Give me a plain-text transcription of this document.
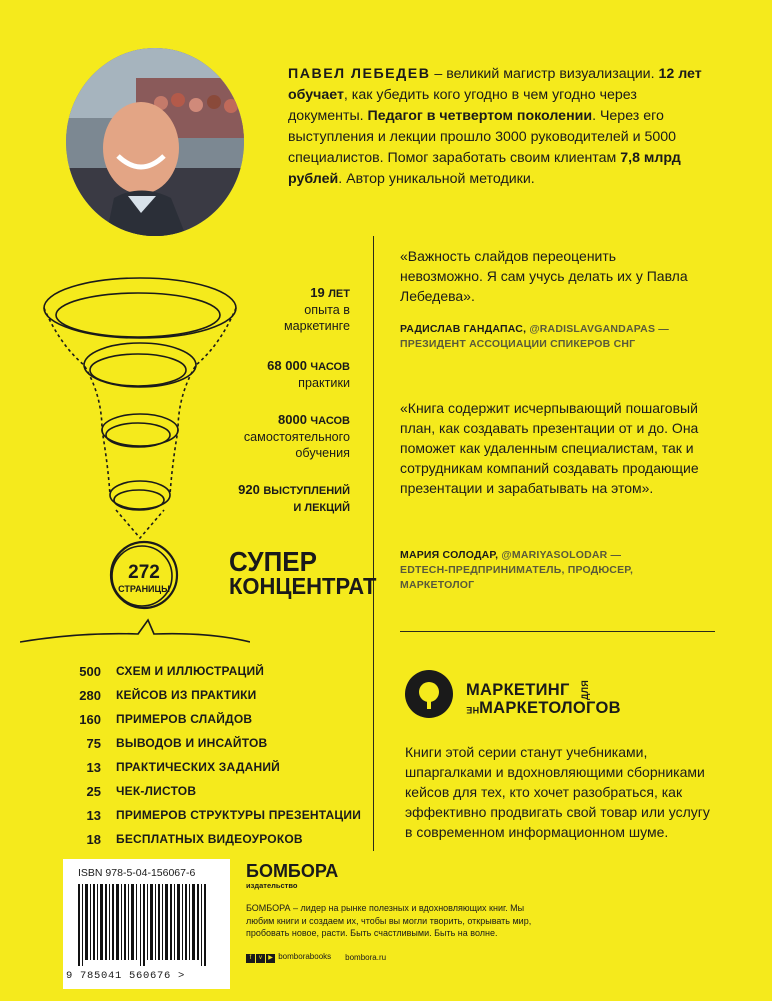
ПАВЕЛ ЛЕБЕДЕВ – великий магистр визуализации. 12 лет обучает, как убедить кого угодно в чем угодно через документы. Педагог в четвертом поколении. Через его выступления и лекции прошло 3000 руководителей и 5000 специалистов. Помог заработать своим клиентам 7,8 млрд рублей. Автор уникальной методики.
«Важность слайдов переоценить невозможно. Я сам учусь делать их у Павла Лебедева».
РАДИСЛАВ ГАНДАПАС, @RADISLAVGANDAPAS —
ПРЕЗИДЕНТ АССОЦИАЦИИ СПИКЕРОВ СНГ
«Книга содержит исчерпывающий пошаговый план, как создавать презентации от и до. Она поможет как удаленным специалистам, так и сотрудникам компаний создавать продающие презентации и зарабатывать на этом».
МАРИЯ СОЛОДАР, @MARIYASOLODAR —
EDTECH-ПРЕДПРИНИМАТЕЛЬ, ПРОДЮСЕР, МАРКЕТОЛОГ
272
СТРАНИЦЫ
19 ЛЕТ
опыта в маркетинге
68 000 ЧАСОВ
практики
8000 ЧАСОВ
самостоятельного обучения
920 ВЫСТУПЛЕНИЙ
И ЛЕКЦИЙ
СУПЕР
КОНЦЕНТРАТ
500 СХЕМ И ИЛЛЮСТРАЦИЙ
280 КЕЙСОВ ИЗ ПРАКТИКИ
160 ПРИМЕРОВ СЛАЙДОВ
75 ВЫВОДОВ И ИНСАЙТОВ
13 ПРАКТИЧЕСКИХ ЗАДАНИЙ
25 ЧЕК-ЛИСТОВ
13 ПРИМЕРОВ СТРУКТУРЫ ПРЕЗЕНТАЦИИ
18 БЕСПЛАТНЫХ ВИДЕОУРОКОВ
МАРКЕТИНГ ДЛЯ
НЕМАРКЕТОЛОГОВ
Книги этой серии станут учебниками, шпаргалками и вдохновляющими сборниками кейсов для тех, кто хочет разобраться, как эффективно продвигать свой товар или услугу в современном информационном шуме.
ISBN 978-5-04-156067-6
9 785041 560676 >
БОМБОРА
издательство
БОМБОРА – лидер на рынке полезных и вдохновляющих книг. Мы любим книги и создаем их, чтобы вы могли творить, открывать мир, пробовать новое, расти. Быть счастливыми. Быть на волне.
f v ▶ bomborabooks bombora.ru
